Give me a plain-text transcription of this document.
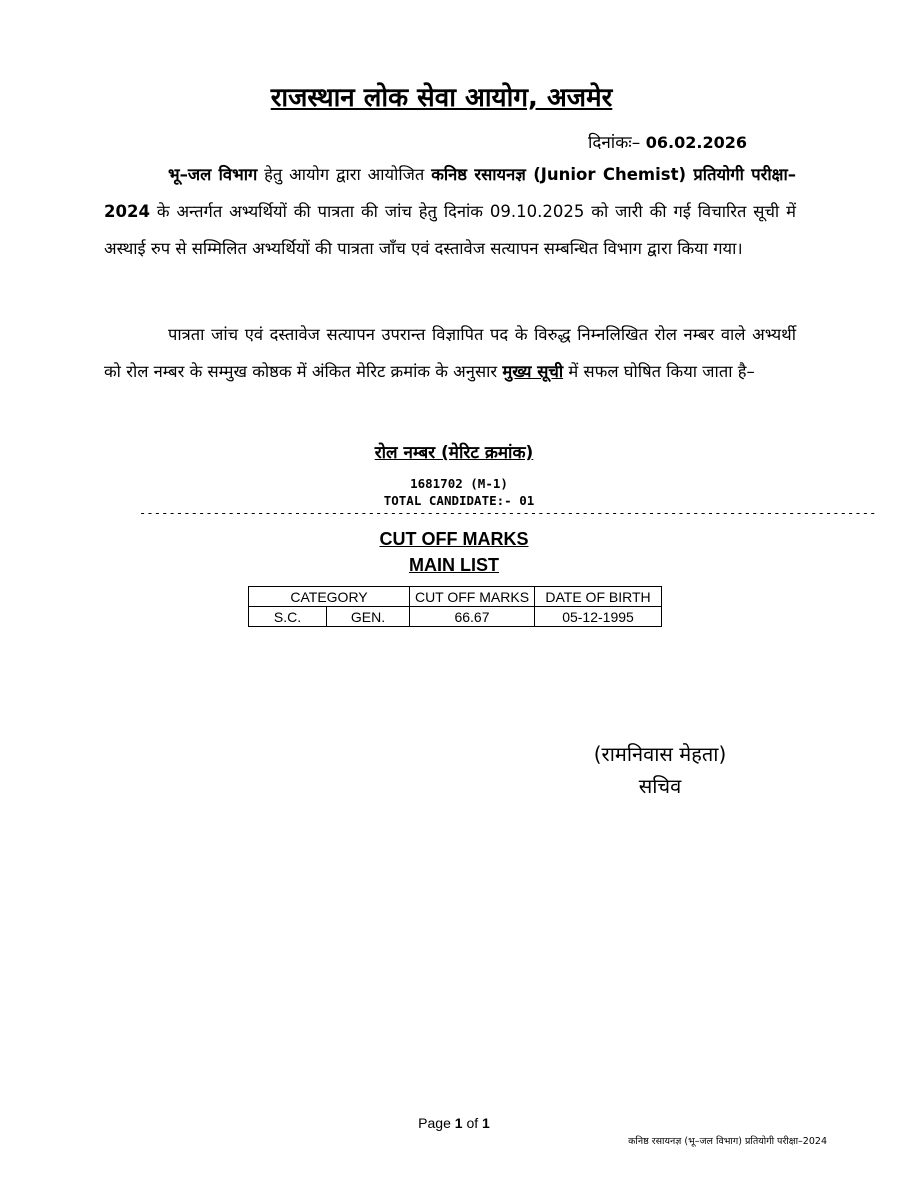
राजस्थान लोक सेवा आयोग, अजमेर
दिनांकः– 06.02.2026

भू–जल विभाग हेतु आयोग द्वारा आयोजित कनिष्ठ रसायनज्ञ (Junior Chemist) प्रतियोगी परीक्षा–2024 के अन्तर्गत अभ्यर्थियों की पात्रता की जांच हेतु दिनांक 09.10.2025 को जारी की गई विचारित सूची में अस्थाई रुप से सम्मिलित अभ्यर्थियों की पात्रता जाँच एवं दस्तावेज सत्यापन सम्बन्धित विभाग द्वारा किया गया।

पात्रता जांच एवं दस्तावेज सत्यापन उपरान्त विज्ञापित पद के विरुद्ध निम्नलिखित रोल नम्बर वाले अभ्यर्थी को रोल नम्बर के सम्मुख कोष्ठक में अंकित मेरिट क्रमांक के अनुसार मुख्य सूची में सफल घोषित किया जाता है–

रोल नम्बर (मेरिट क्रमांक)
1681702 (M-1)
TOTAL CANDIDATE:- 01
----------------------------------------------------------------------------------------------------
CUT OFF MARKS
MAIN LIST
CATEGORY		CUT OFF MARKS	DATE OF BIRTH
S.C.	GEN.	66.67	05-12-1995
(रामनिवास मेहता)
सचिव
Page 1 of 1
कनिष्ठ रसायनज्ञ (भू–जल विभाग) प्रतियोगी परीक्षा–2024
